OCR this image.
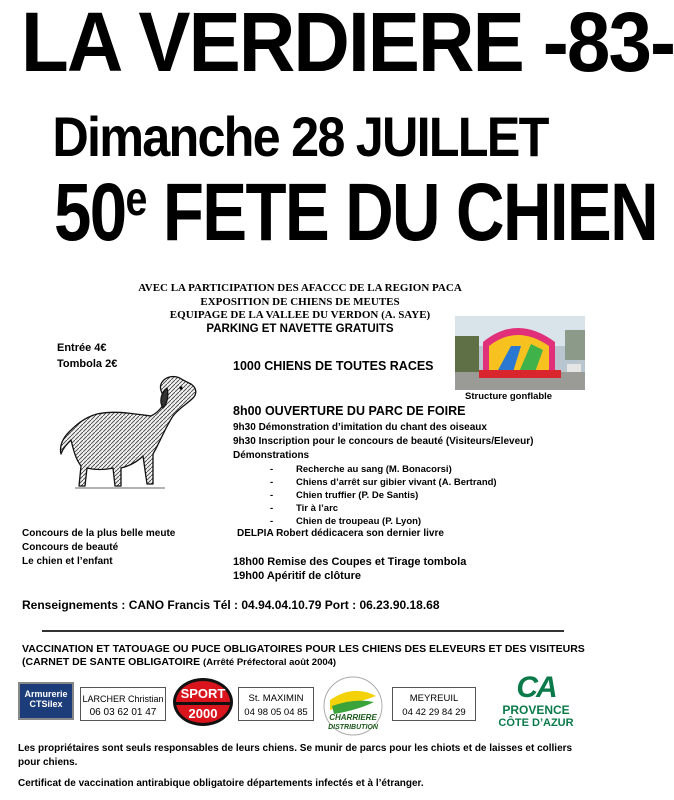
LA VERDIERE -83-
Dimanche 28 JUILLET
50e FETE DU CHIEN
AVEC LA PARTICIPATION DES AFACCC DE LA REGION PACA
EXPOSITION DE CHIENS DE MEUTES
EQUIPAGE DE LA VALLEE DU VERDON (A. SAYE)
PARKING ET NAVETTE GRATUITS
Entrée 4€
Tombola 2€	1000 CHIENS DE TOUTES RACES
Structure gonflable
8h00 OUVERTURE DU PARC DE FOIRE
9h30 Démonstration d’imitation du chant des oiseaux
9h30 Inscription pour le concours de beauté (Visiteurs/Eleveur)
Démonstrations
- Recherche au sang (M. Bonacorsi)
- Chiens d’arrêt sur gibier vivant (A. Bertrand)
- Chien truffier (P. De Santis)
- Tir à l’arc
- Chien de troupeau (P. Lyon)
DELPIA Robert dédicacera son dernier livre
18h00 Remise des Coupes et Tirage tombola
19h00 Apéritif de clôture
Concours de la plus belle meute
Concours de beauté
Le chien et l’enfant
Renseignements : CANO Francis Tél : 04.94.04.10.79 Port : 06.23.90.18.68
VACCINATION ET TATOUAGE OU PUCE OBLIGATOIRES POUR LES CHIENS DES ELEVEURS ET DES VISITEURS (CARNET DE SANTE OBLIGATOIRE (Arrêté Préfectoral août 2004)
Armurerie
CTSilex	LARCHER Christian
06 03 62 01 47
SPORT
2000
St. MAXIMIN
04 98 05 04 85	CHARRIERE
DISTRIBUTION
MEYREUIL
04 42 29 84 29
CA
PROVENCE
CÔTE D’AZUR
Les propriétaires sont seuls responsables de leurs chiens. Se munir de parcs pour les chiots et de laisses et colliers pour chiens.
Certificat de vaccination antirabique obligatoire départements infectés et à l’étranger.
